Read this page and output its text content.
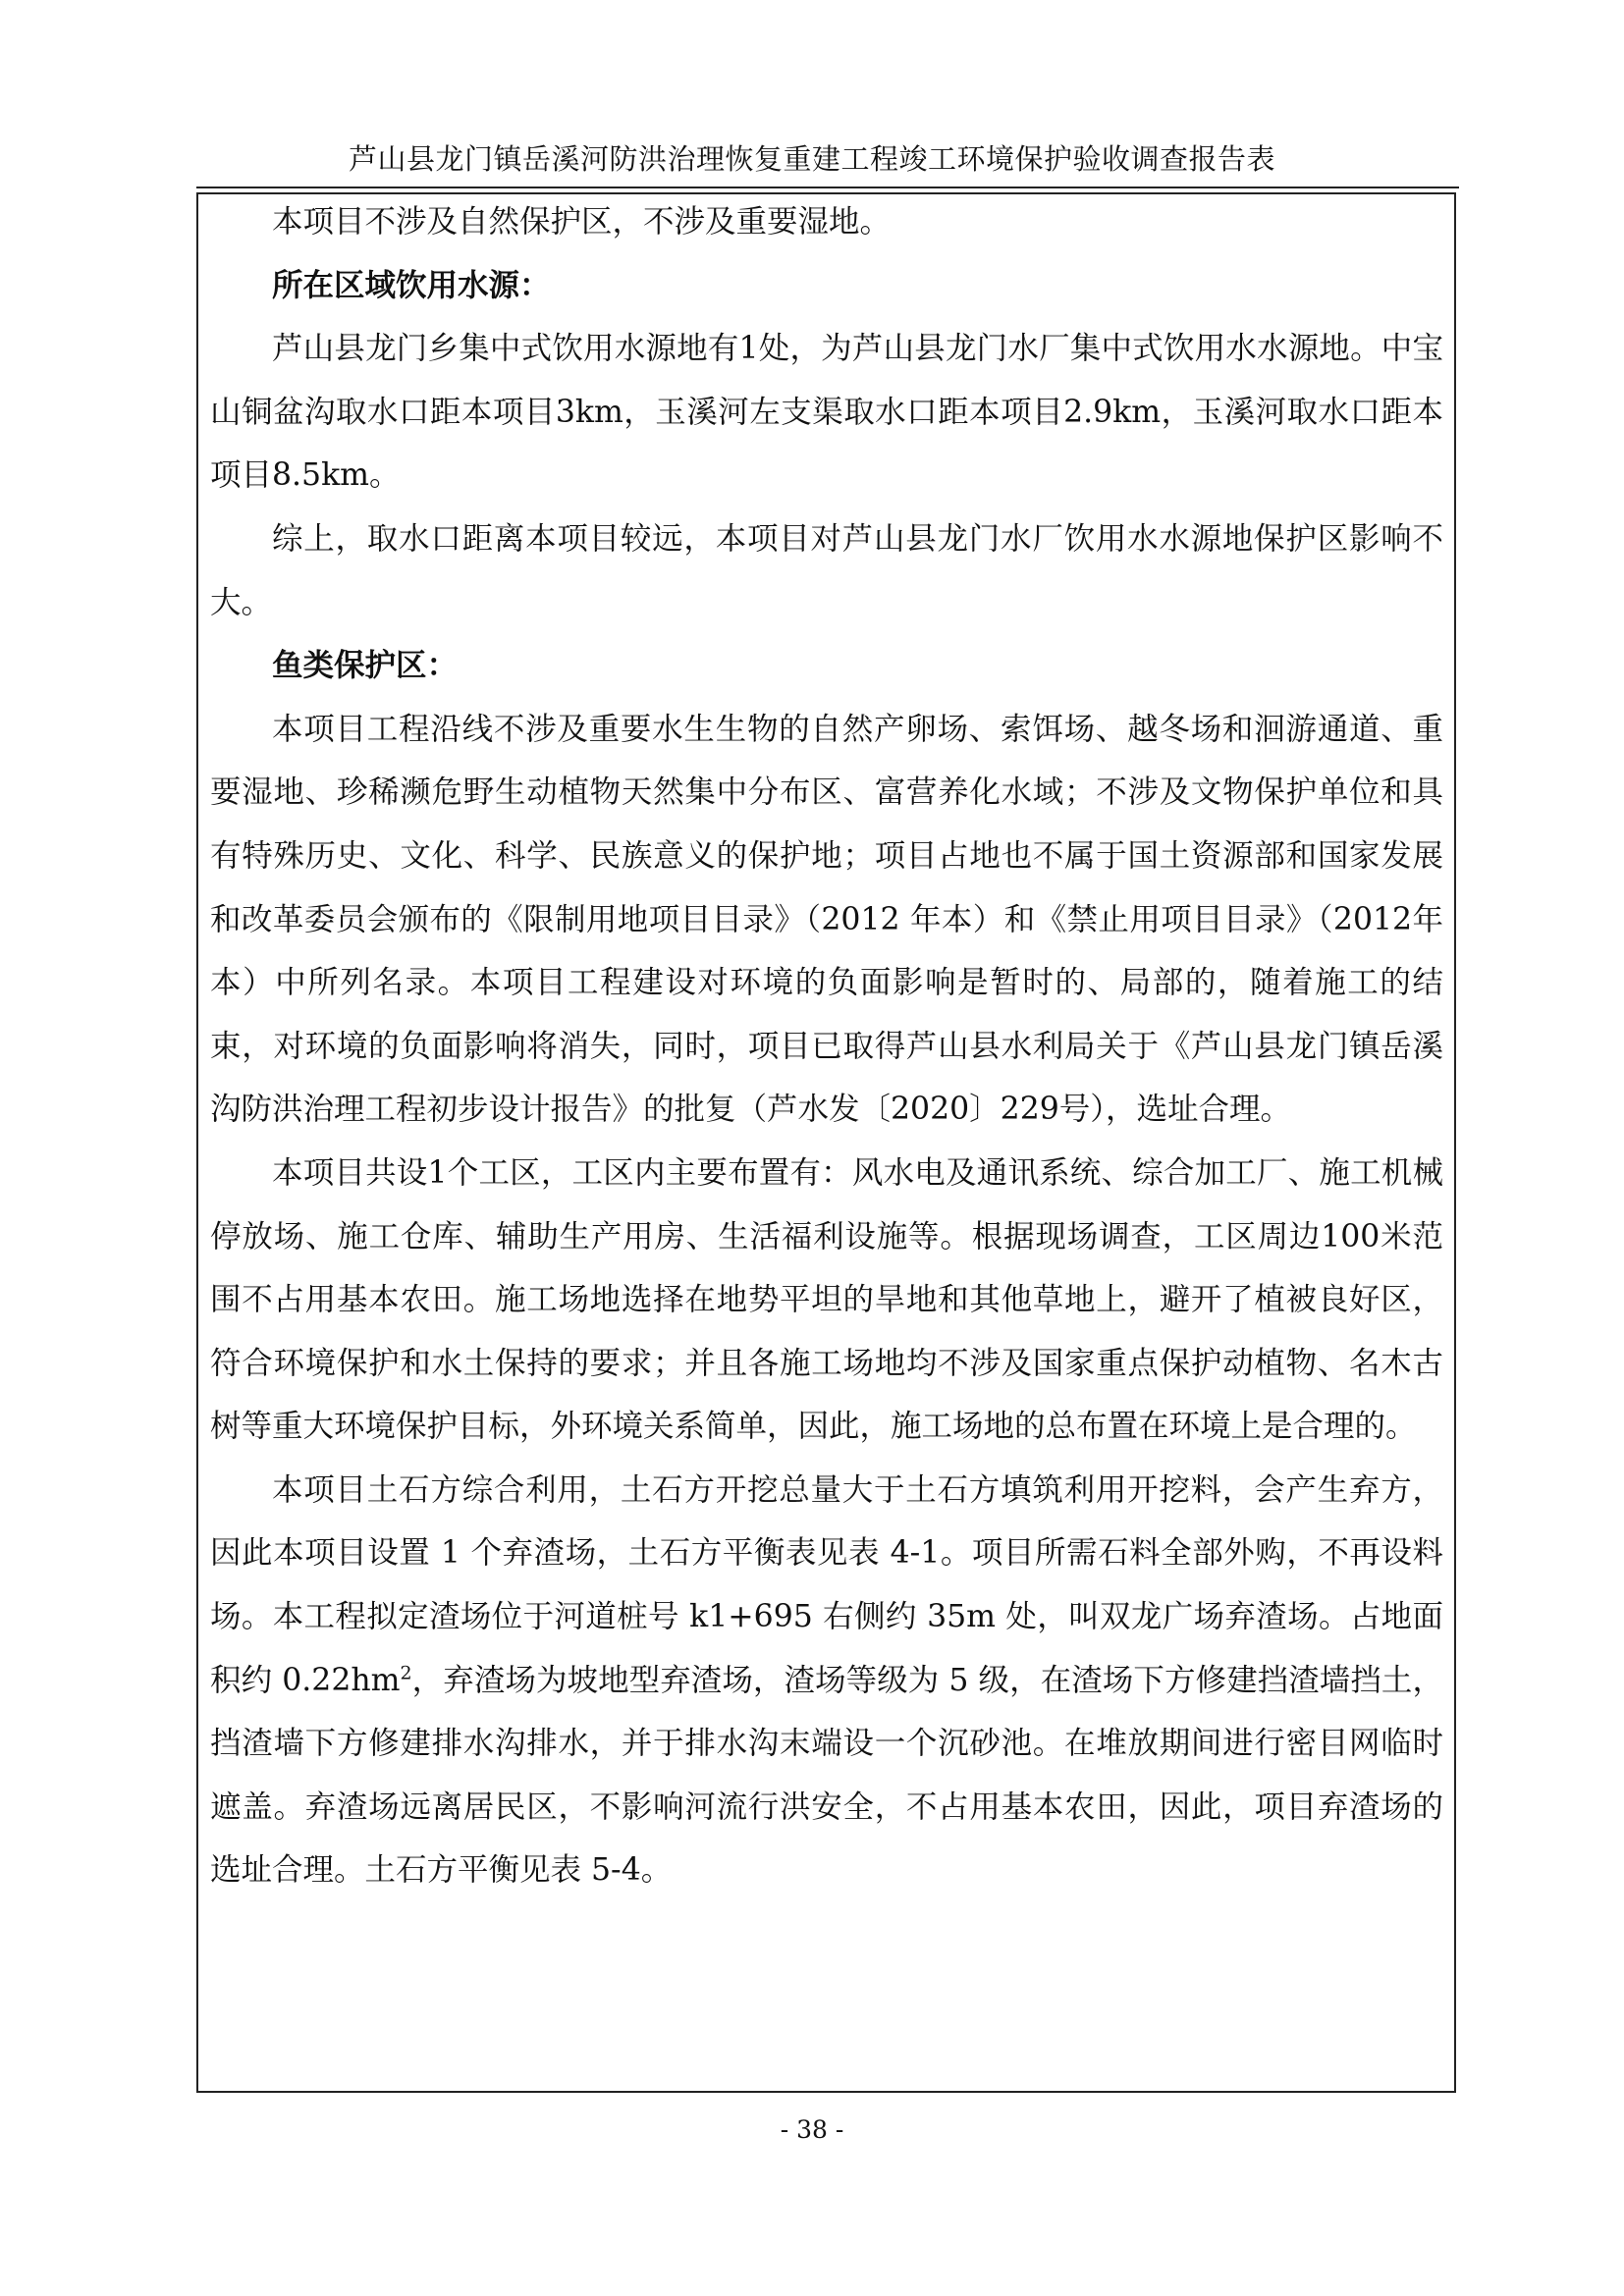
芦山县龙门镇岳溪河防洪治理恢复重建工程竣工环境保护验收调查报告表

本项目不涉及自然保护区，不涉及重要湿地。

所在区域饮用水源：

芦山县龙门乡集中式饮用水源地有1处，为芦山县龙门水厂集中式饮用水水源地。中宝山铜盆沟取水口距本项目3km，玉溪河左支渠取水口距本项目2.9km，玉溪河取水口距本项目8.5km。

综上，取水口距离本项目较远，本项目对芦山县龙门水厂饮用水水源地保护区影响不大。

鱼类保护区：

本项目工程沿线不涉及重要水生生物的自然产卵场、索饵场、越冬场和洄游通道、重要湿地、珍稀濒危野生动植物天然集中分布区、富营养化水域；不涉及文物保护单位和具有特殊历史、文化、科学、民族意义的保护地；项目占地也不属于国土资源部和国家发展和改革委员会颁布的《限制用地项目目录》（2012 年本）和《禁止用项目目录》（2012年本）中所列名录。本项目工程建设对环境的负面影响是暂时的、局部的，随着施工的结束，对环境的负面影响将消失，同时，项目已取得芦山县水利局关于《芦山县龙门镇岳溪沟防洪治理工程初步设计报告》的批复（芦水发〔2020〕229号），选址合理。

本项目共设1个工区，工区内主要布置有：风水电及通讯系统、综合加工厂、施工机械停放场、施工仓库、辅助生产用房、生活福利设施等。根据现场调查，工区周边100米范围不占用基本农田。施工场地选择在地势平坦的旱地和其他草地上，避开了植被良好区，符合环境保护和水土保持的要求；并且各施工场地均不涉及国家重点保护动植物、名木古树等重大环境保护目标，外环境关系简单，因此，施工场地的总布置在环境上是合理的。

本项目土石方综合利用，土石方开挖总量大于土石方填筑利用开挖料，会产生弃方，因此本项目设置 1 个弃渣场，土石方平衡表见表 4-1。项目所需石料全部外购，不再设料场。本工程拟定渣场位于河道桩号 k1+695 右侧约 35m 处，叫双龙广场弃渣场。占地面积约 $0.22hm^2$，弃渣场为坡地型弃渣场，渣场等级为 5 级，在渣场下方修建挡渣墙挡土，挡渣墙下方修建排水沟排水，并于排水沟末端设一个沉砂池。在堆放期间进行密目网临时遮盖。弃渣场远离居民区，不影响河流行洪安全，不占用基本农田，因此，项目弃渣场的选址合理。土石方平衡见表 5-4。

- 38 -
